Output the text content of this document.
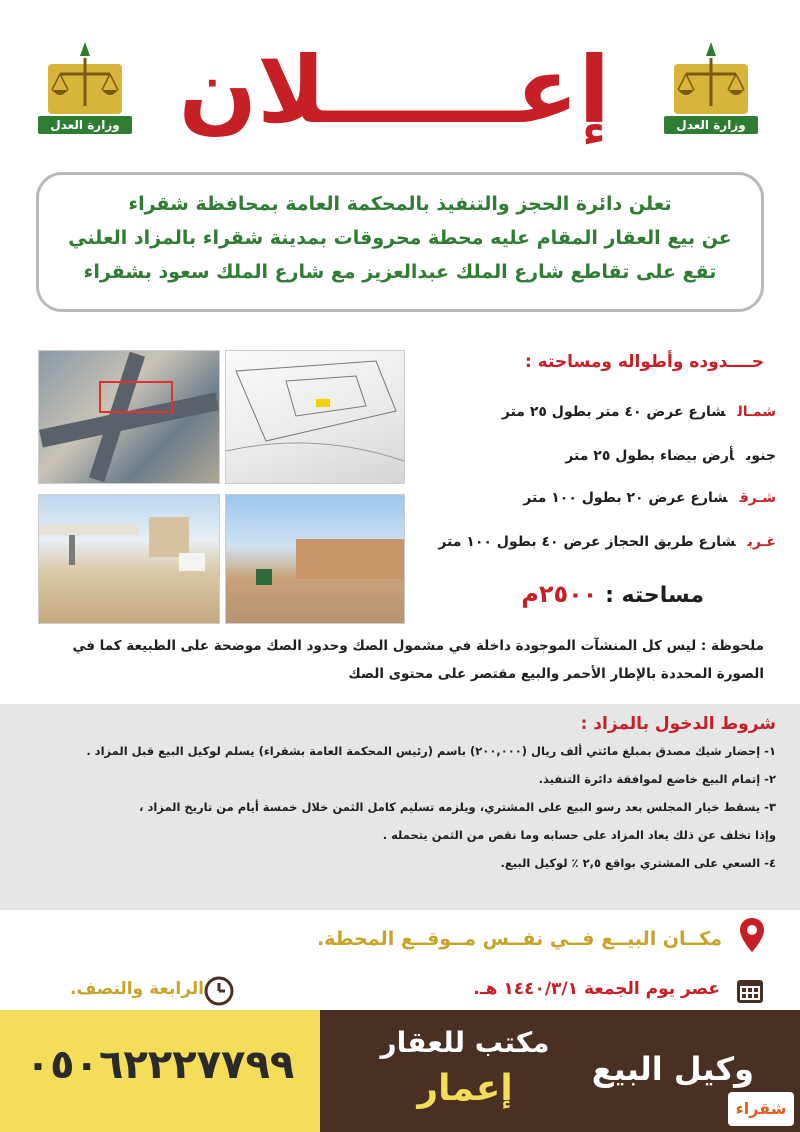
وزارة العدل
وزارة العدل إعــــــلان
تعلن دائرة الحجز والتنفيذ بالمحكمة العامة بمحافظة شقراء
عن بيع العقار المقام عليه محطة محروقات بمدينة شقراء بالمزاد العلني
تقع على تقاطع شارع الملك عبدالعزيز مع شارع الملك سعود بشقراء
حــــدوده وأطواله ومساحته :
شمـالشارع عرض ٤٠ متر بطول ٢٥ متر
جنوبأرض بيضاء بطول ٢٥ متر
شـرقشارع عرض ٢٠ بطول ١٠٠ متر
غـربشارع طريق الحجاز عرض ٤٠ بطول ١٠٠ متر
مساحته : ٢٥٠٠م
ملحوظة : ليس كل المنشآت الموجودة داخلة في مشمول الصك وحدود الصك موضحة على الطبيعة كما في الصورة المحددة بالإطار الأحمر والبيع مقتصر على محتوى الصك
شروط الدخول بالمزاد :
١- إحضار شيك مصدق بمبلغ مائتي ألف ريال (٢٠٠,٠٠٠) باسم (رئيس المحكمة العامة بشقراء) يسلم لوكيل البيع قبل المزاد .
٢- إتمام البيع خاضع لموافقة دائرة التنفيذ.
٣- يسقط خيار المجلس بعد رسو البيع على المشتري، ويلزمه تسليم كامل الثمن خلال خمسة أيام من تاريخ المزاد ،
وإذا تخلف عن ذلك يعاد المزاد على حسابه وما نقص من الثمن يتحمله .
٤- السعي على المشتري بواقع ٢,٥ ٪ لوكيل البيع.
مكــان البيــع فــي نفــس مــوقــع المحطة.
عصر يوم الجمعة ١٤٤٠/٣/١ هـ.
الرابعة والنصف.
٠٥٠٦٢٢٢٧٧٩٩	وكيل البيع
مكتب للعقار
إعمار	شقراء
